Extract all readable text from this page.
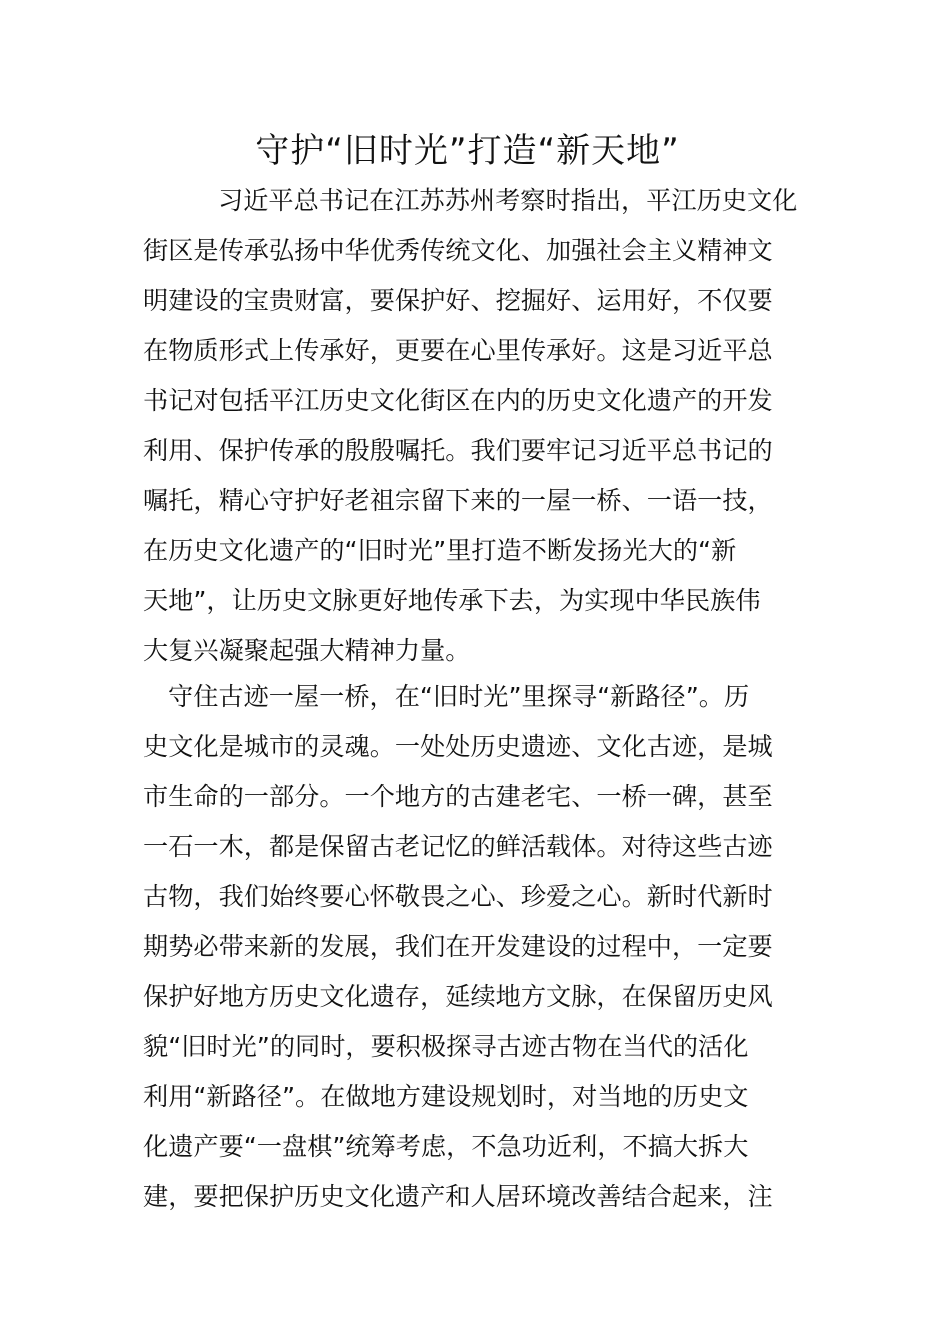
守护“旧时光”打造“新天地”
习近平总书记在江苏苏州考察时指出，平江历史文化
街区是传承弘扬中华优秀传统文化、加强社会主义精神文
明建设的宝贵财富，要保护好、挖掘好、运用好，不仅要
在物质形式上传承好，更要在心里传承好。这是习近平总
书记对包括平江历史文化街区在内的历史文化遗产的开发
利用、保护传承的殷殷嘱托。我们要牢记习近平总书记的
嘱托，精心守护好老祖宗留下来的一屋一桥、一语一技，
在历史文化遗产的“旧时光”里打造不断发扬光大的“新
天地”，让历史文脉更好地传承下去，为实现中华民族伟
大复兴凝聚起强大精神力量。
守住古迹一屋一桥，在“旧时光”里探寻“新路径”。历
史文化是城市的灵魂。一处处历史遗迹、文化古迹，是城
市生命的一部分。一个地方的古建老宅、一桥一碑，甚至
一石一木，都是保留古老记忆的鲜活载体。对待这些古迹
古物，我们始终要心怀敬畏之心、珍爱之心。新时代新时
期势必带来新的发展，我们在开发建设的过程中，一定要
保护好地方历史文化遗存，延续地方文脉，在保留历史风
貌“旧时光”的同时，要积极探寻古迹古物在当代的活化
利用“新路径”。在做地方建设规划时，对当地的历史文
化遗产要“一盘棋”统筹考虑，不急功近利，不搞大拆大
建，要把保护历史文化遗产和人居环境改善结合起来，注
